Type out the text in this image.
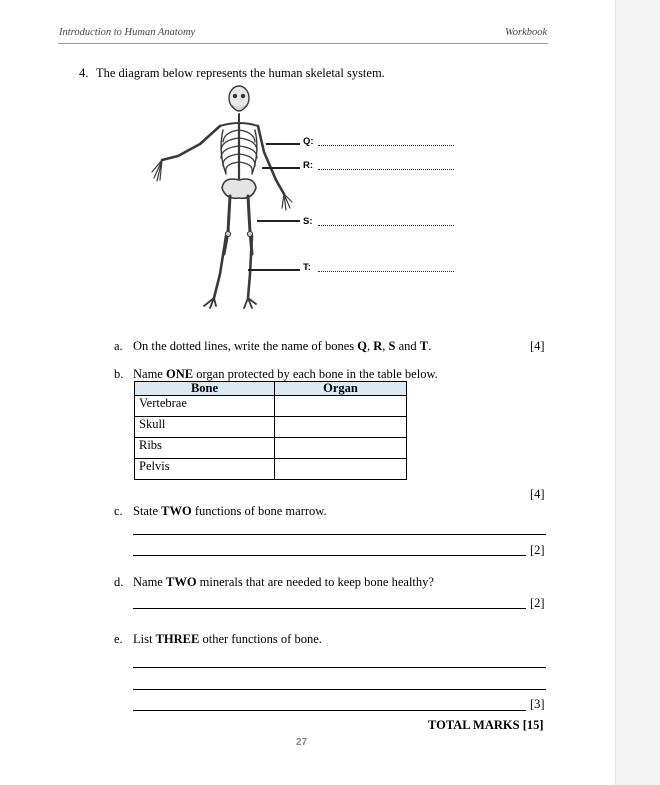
Introduction to Human Anatomy	Workbook
4. The diagram below represents the human skeletal system.
Q:
R:
S:
T:
a. On the dotted lines, write the name of bones Q, R, S and T.	[4]
b. Name ONE organ protected by each bone in the table below.
Bone	Organ
Vertebrae	
Skull	
Ribs	
Pelvis	
[4]
c. State TWO functions of bone marrow.
[2]
d. Name TWO minerals that are needed to keep bone healthy?
[2]
e. List THREE other functions of bone.
[3]
TOTAL MARKS [15]
27
